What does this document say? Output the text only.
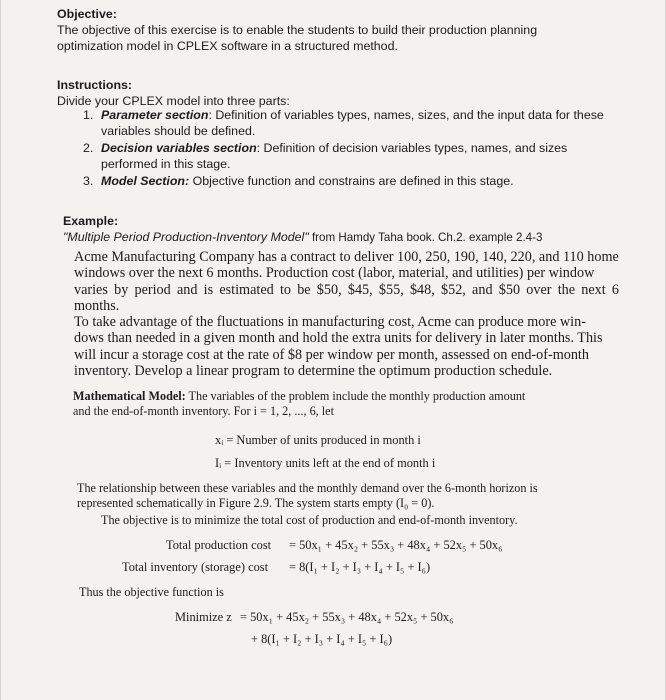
Objective:
The objective of this exercise is to enable the students to build their production planning
optimization model in CPLEX software in a structured method.
Instructions:
Divide your CPLEX model into three parts:
1. Parameter section: Definition of variables types, names, sizes, and the input data for these
variables should be defined.
2. Decision variables section: Definition of decision variables types, names, and sizes
performed in this stage.
3. Model Section: Objective function and constrains are defined in this stage.
Example:
"Multiple Period Production-Inventory Model" from Hamdy Taha book. Ch.2. example 2.4-3
Acme Manufacturing Company has a contract to deliver 100, 250, 190, 140, 220, and 110 home
windows over the next 6 months. Production cost (labor, material, and utilities) per window
varies by period and is estimated to be $50, $45, $55, $48, $52, and $50 over the next 6 months.
To take advantage of the fluctuations in manufacturing cost, Acme can produce more win-
dows than needed in a given month and hold the extra units for delivery in later months. This
will incur a storage cost at the rate of $8 per window per month, assessed on end-of-month
inventory. Develop a linear program to determine the optimum production schedule.
Mathematical Model: The variables of the problem include the monthly production amount
and the end-of-month inventory. For i = 1, 2, ..., 6, let
xᵢ = Number of units produced in month i
Iᵢ = Inventory units left at the end of month i
The relationship between these variables and the monthly demand over the 6-month horizon is
represented schematically in Figure 2.9. The system starts empty (I₀ = 0).
The objective is to minimize the total cost of production and end-of-month inventory.
Total production cost = 50x₁ + 45x₂ + 55x₃ + 48x₄ + 52x₅ + 50x₆
Total inventory (storage) cost = 8(I₁ + I₂ + I₃ + I₄ + I₅ + I₆)
Thus the objective function is
Minimize z = 50x₁ + 45x₂ + 55x₃ + 48x₄ + 52x₅ + 50x₆
+ 8(I₁ + I₂ + I₃ + I₄ + I₅ + I₆)
